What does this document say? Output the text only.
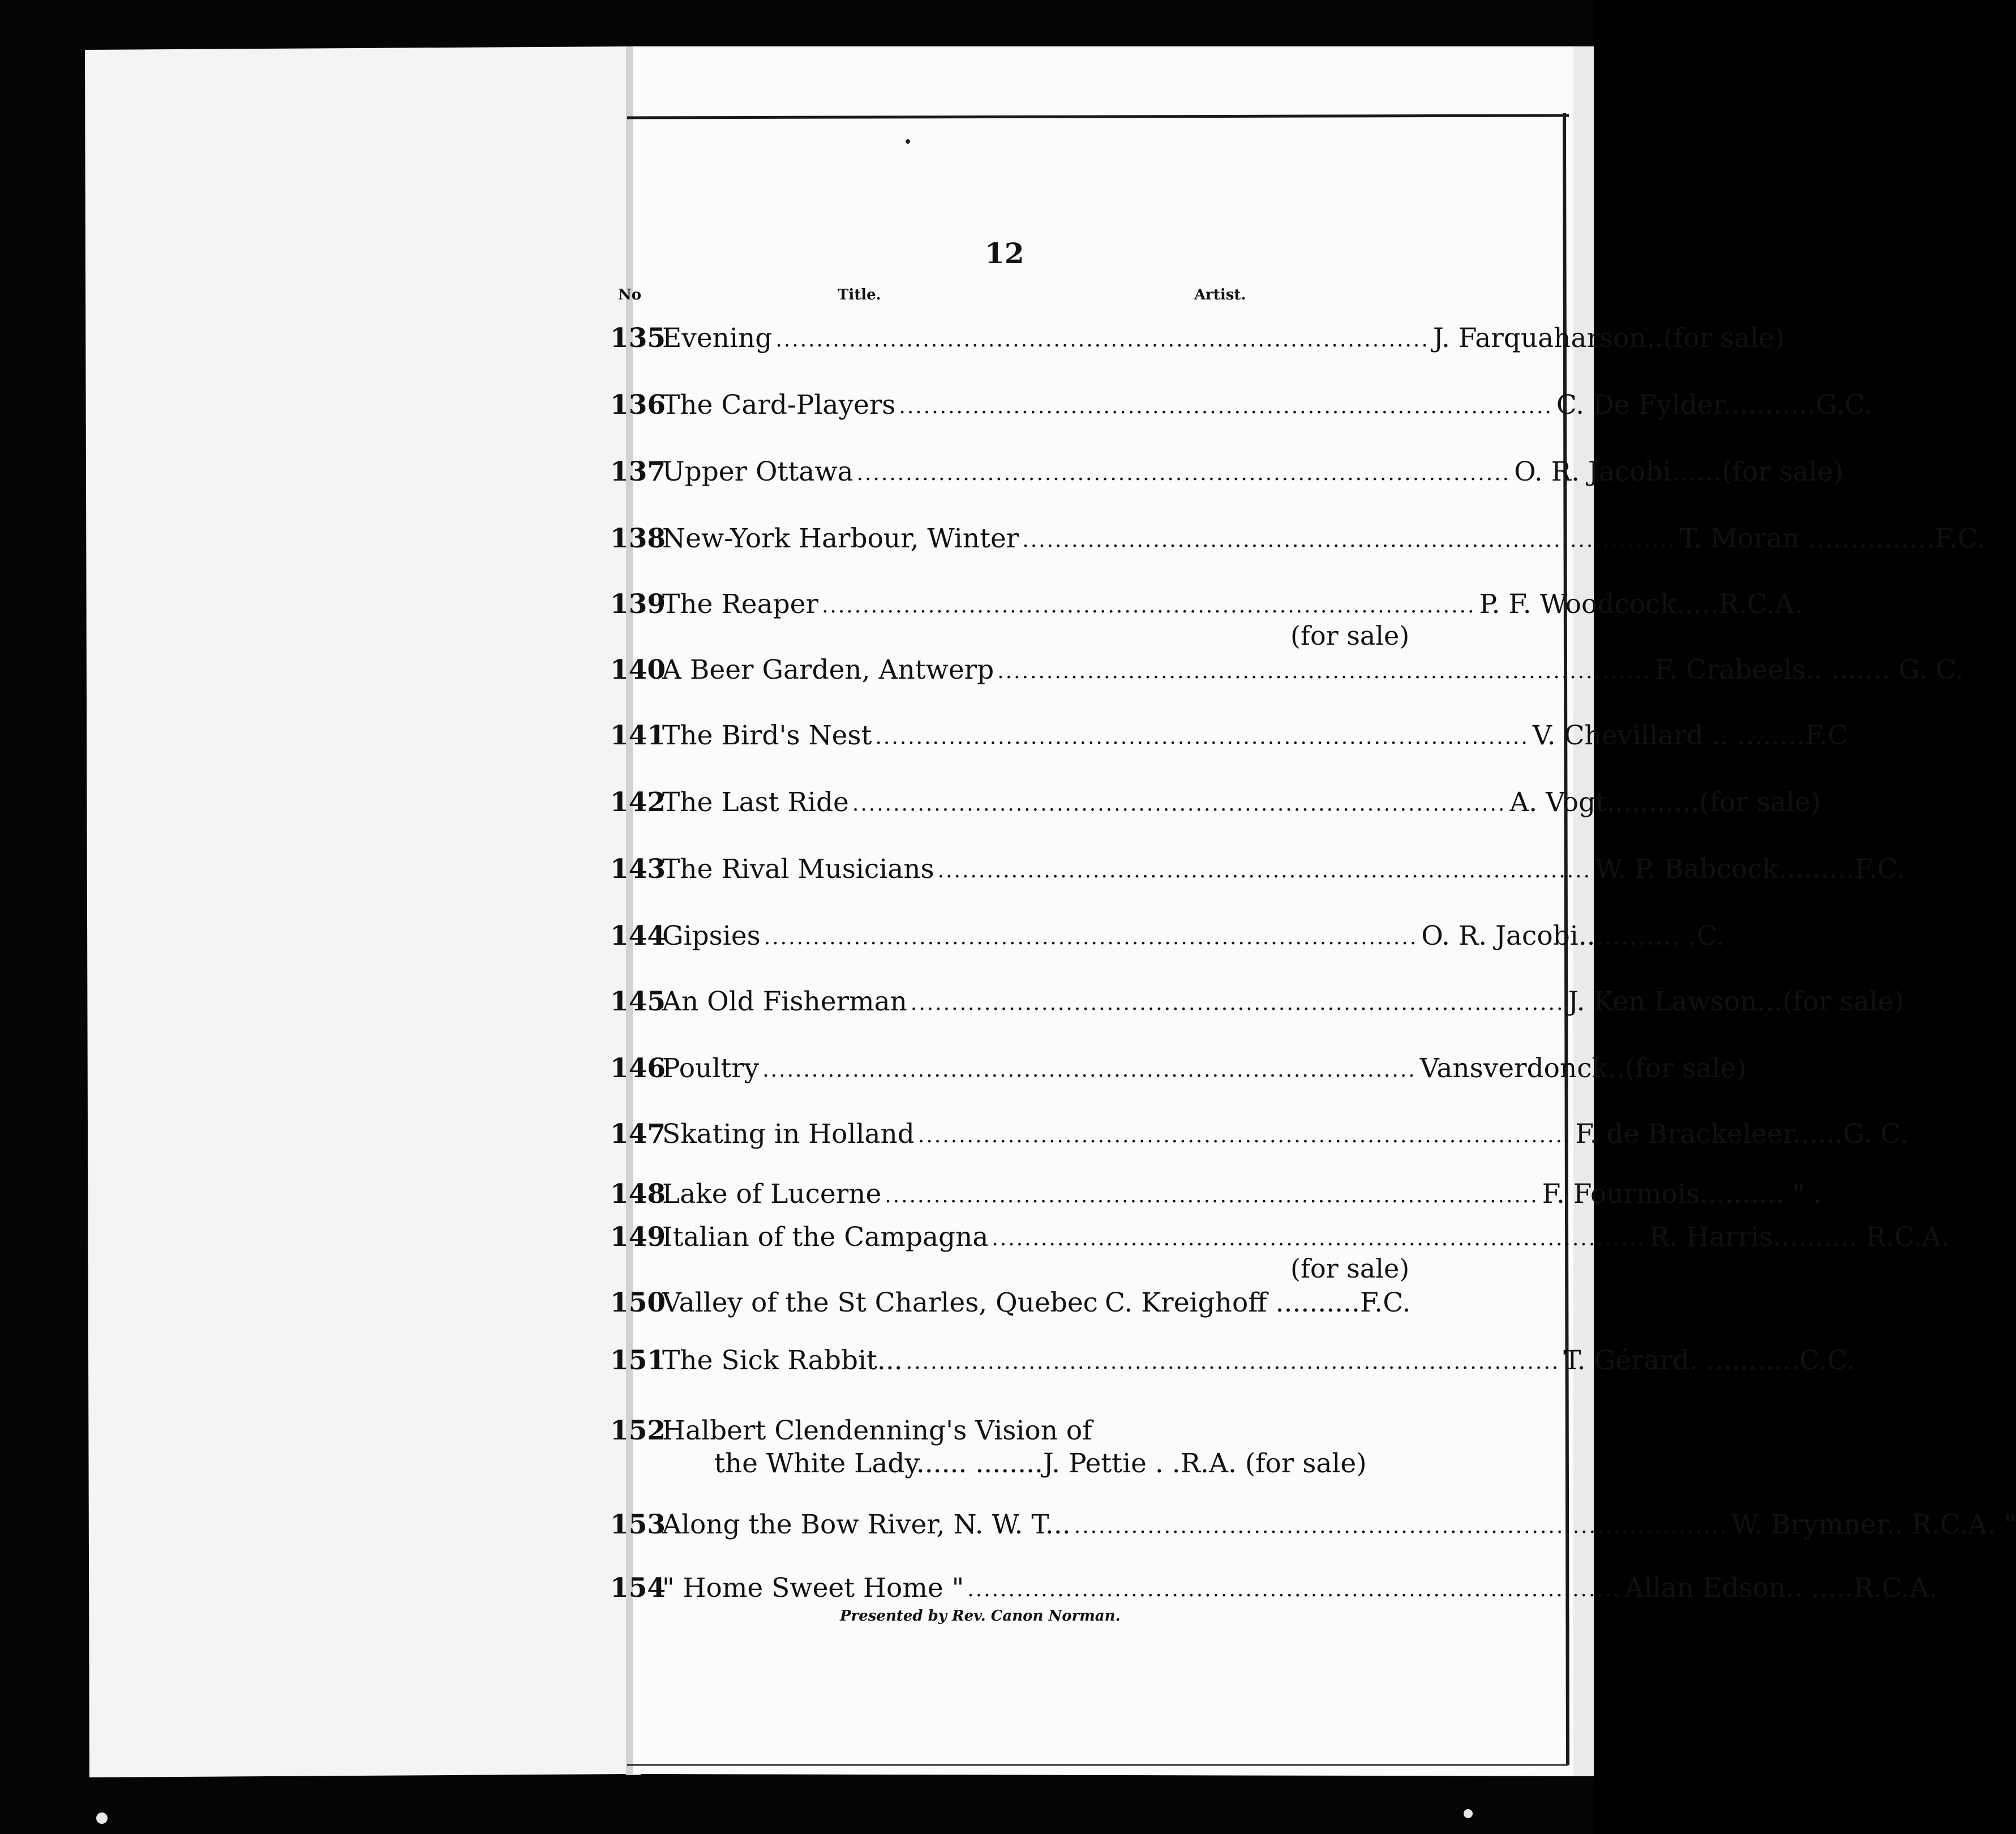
12
No	Title.	Artist.
135
Evening ................................................................................ J. Farquaharson..(for sale)
136
The Card-Players ................................................................................ C. De Fylder...........G.C.
137
Upper Ottawa ................................................................................ O. R. Jacobi......(for sale)
138
New-York Harbour, Winter ................................................................................ T. Moran ...............F.C.
139
The Reaper ................................................................................ P. F. Woodcock.....R.C.A.
(for sale)
140
A Beer Garden, Antwerp ................................................................................ F. Crabeels.. ....... G. C.
141
The Bird's Nest ................................................................................ V. Chevillard .. ........F.C
142
The Last Ride ................................................................................ A. Vogt...........(for sale)
143
The Rival Musicians ................................................................................ W. P. Babcock.........F.C.
144
Gipsies ................................................................................ O. R. Jacobi............ .C.
145
An Old Fisherman ................................................................................ J. Ken Lawson...(for sale)
146
Poultry ................................................................................ Vansverdonck..(for sale)
147
Skating in Holland ................................................................................ F. de Brackeleer......G. C.
148
Lake of Lucerne ................................................................................ F. Fourmois.......... " .
149
Italian of the Campagna ................................................................................ R. Harris.......... R.C.A.
(for sale)
150
Valley of the St Charles, Quebec C. Kreighoff ..........F.C.
151
The Sick Rabbit... ................................................................................ T. Gérard. ...........C.C.
152
Halbert Clendenning's Vision of
the White Lady...... ........J. Pettie . .R.A. (for sale)
153
Along the Bow River, N. W. T... ................................................................................ W. Brymner.. R.C.A. "
154
" Home Sweet Home " ................................................................................ Allan Edson.. .....R.C.A.
Presented by Rev. Canon Norman.
